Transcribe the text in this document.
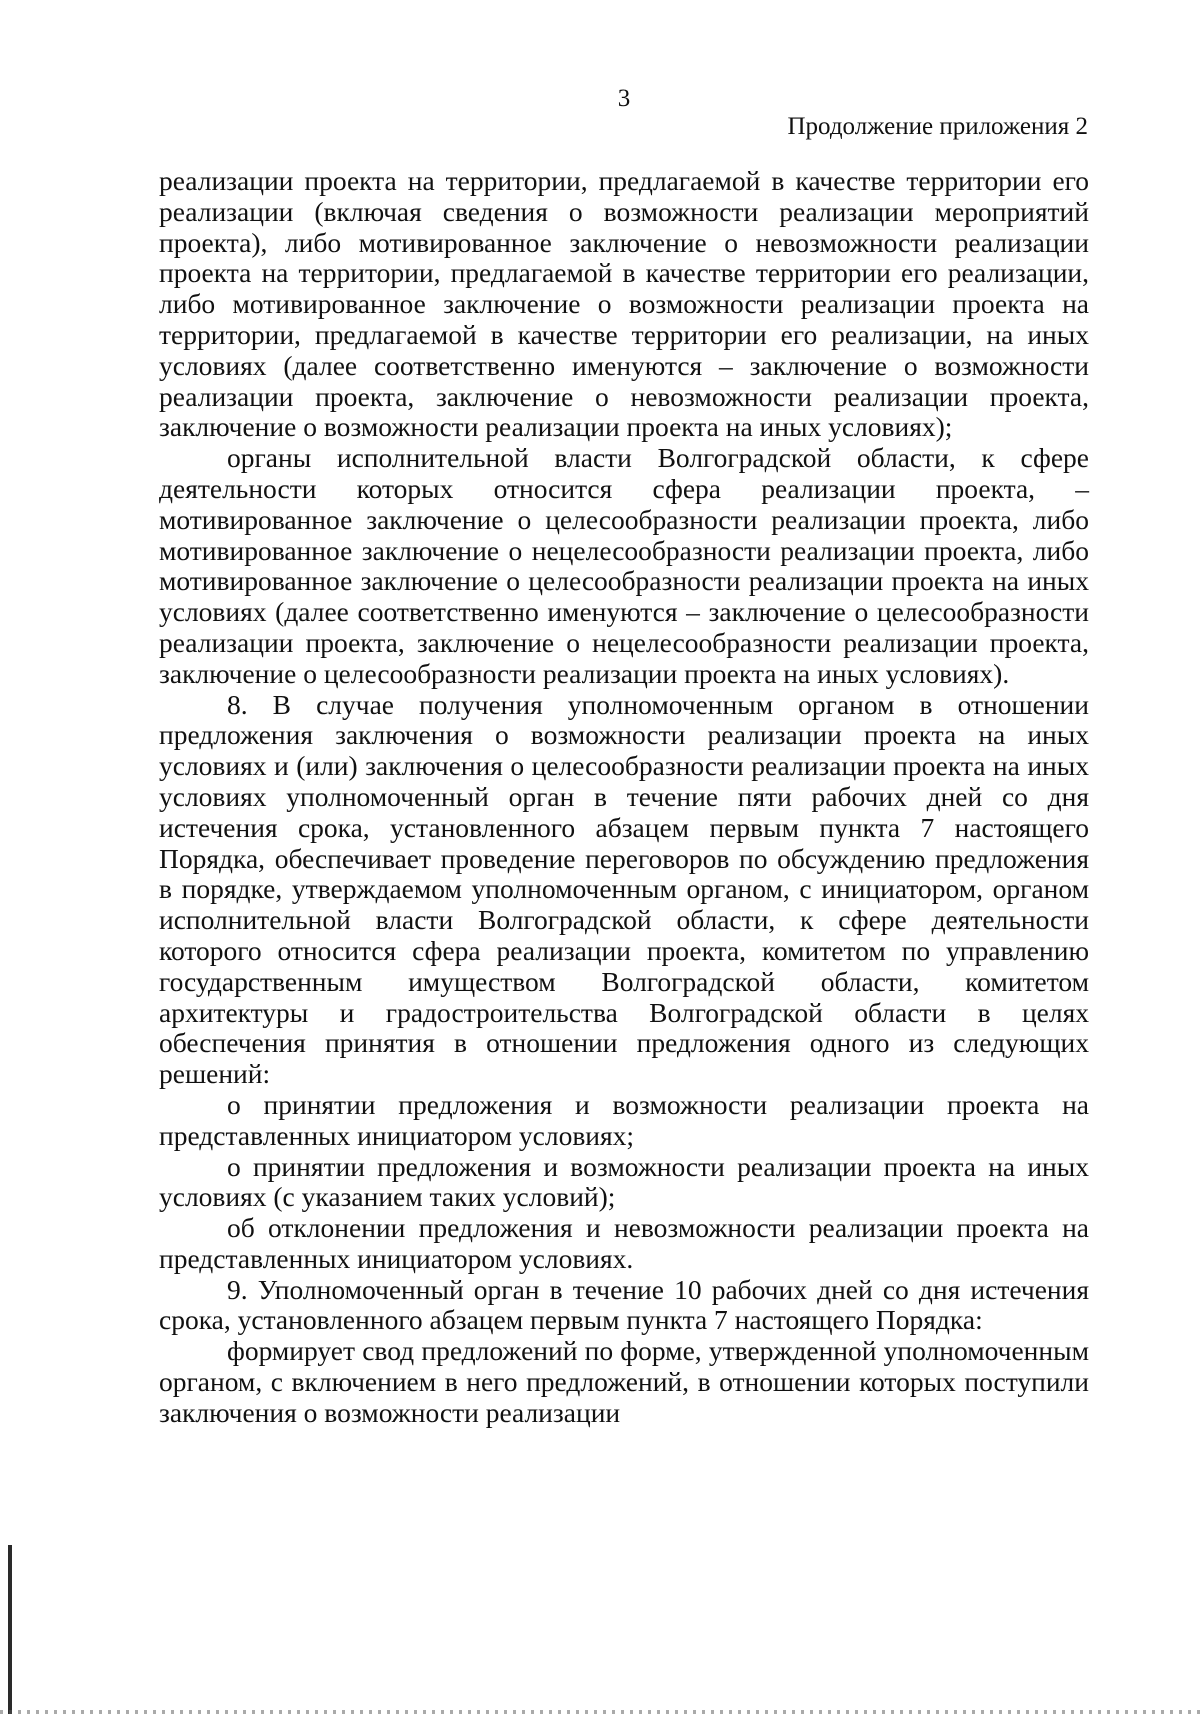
3
Продолжение приложения 2

реализации проекта на территории, предлагаемой в качестве территории его реализации (включая сведения о возможности реализации мероприятий проекта), либо мотивированное заключение о невозможности реализации проекта на территории, предлагаемой в качестве территории его реализации, либо мотивированное заключение о возможности реализации проекта на территории, предлагаемой в качестве территории его реализации, на иных условиях (далее соответственно именуются – заключение о возможности реализации проекта, заключение о невозможности реализации проекта, заключение о возможности реализации проекта на иных условиях);

органы исполнительной власти Волгоградской области, к сфере деятельности которых относится сфера реализации проекта, – мотивированное заключение о целесообразности реализации проекта, либо мотивированное заключение о нецелесообразности реализации проекта, либо мотивированное заключение о целесообразности реализации проекта на иных условиях (далее соответственно именуются – заключение о целесообразности реализации проекта, заключение о нецелесообразности реализации проекта, заключение о целесообразности реализации проекта на иных условиях).

8. В случае получения уполномоченным органом в отношении предложения заключения о возможности реализации проекта на иных условиях и (или) заключения о целесообразности реализации проекта на иных условиях уполномоченный орган в течение пяти рабочих дней со дня истечения срока, установленного абзацем первым пункта 7 настоящего Порядка, обеспечивает проведение переговоров по обсуждению предложения в порядке, утверждаемом уполномоченным органом, с инициатором, органом исполнительной власти Волгоградской области, к сфере деятельности которого относится сфера реализации проекта, комитетом по управлению государственным имуществом Волгоградской области, комитетом архитектуры и градостроительства Волгоградской области в целях обеспечения принятия в отношении предложения одного из следующих решений:

о принятии предложения и возможности реализации проекта на представленных инициатором условиях;

о принятии предложения и возможности реализации проекта на иных условиях (с указанием таких условий);

об отклонении предложения и невозможности реализации проекта на представленных инициатором условиях.

9. Уполномоченный орган в течение 10 рабочих дней со дня истечения срока, установленного абзацем первым пункта 7 настоящего Порядка:

формирует свод предложений по форме, утвержденной уполномоченным органом, с включением в него предложений, в отношении которых поступили заключения о возможности реализации
